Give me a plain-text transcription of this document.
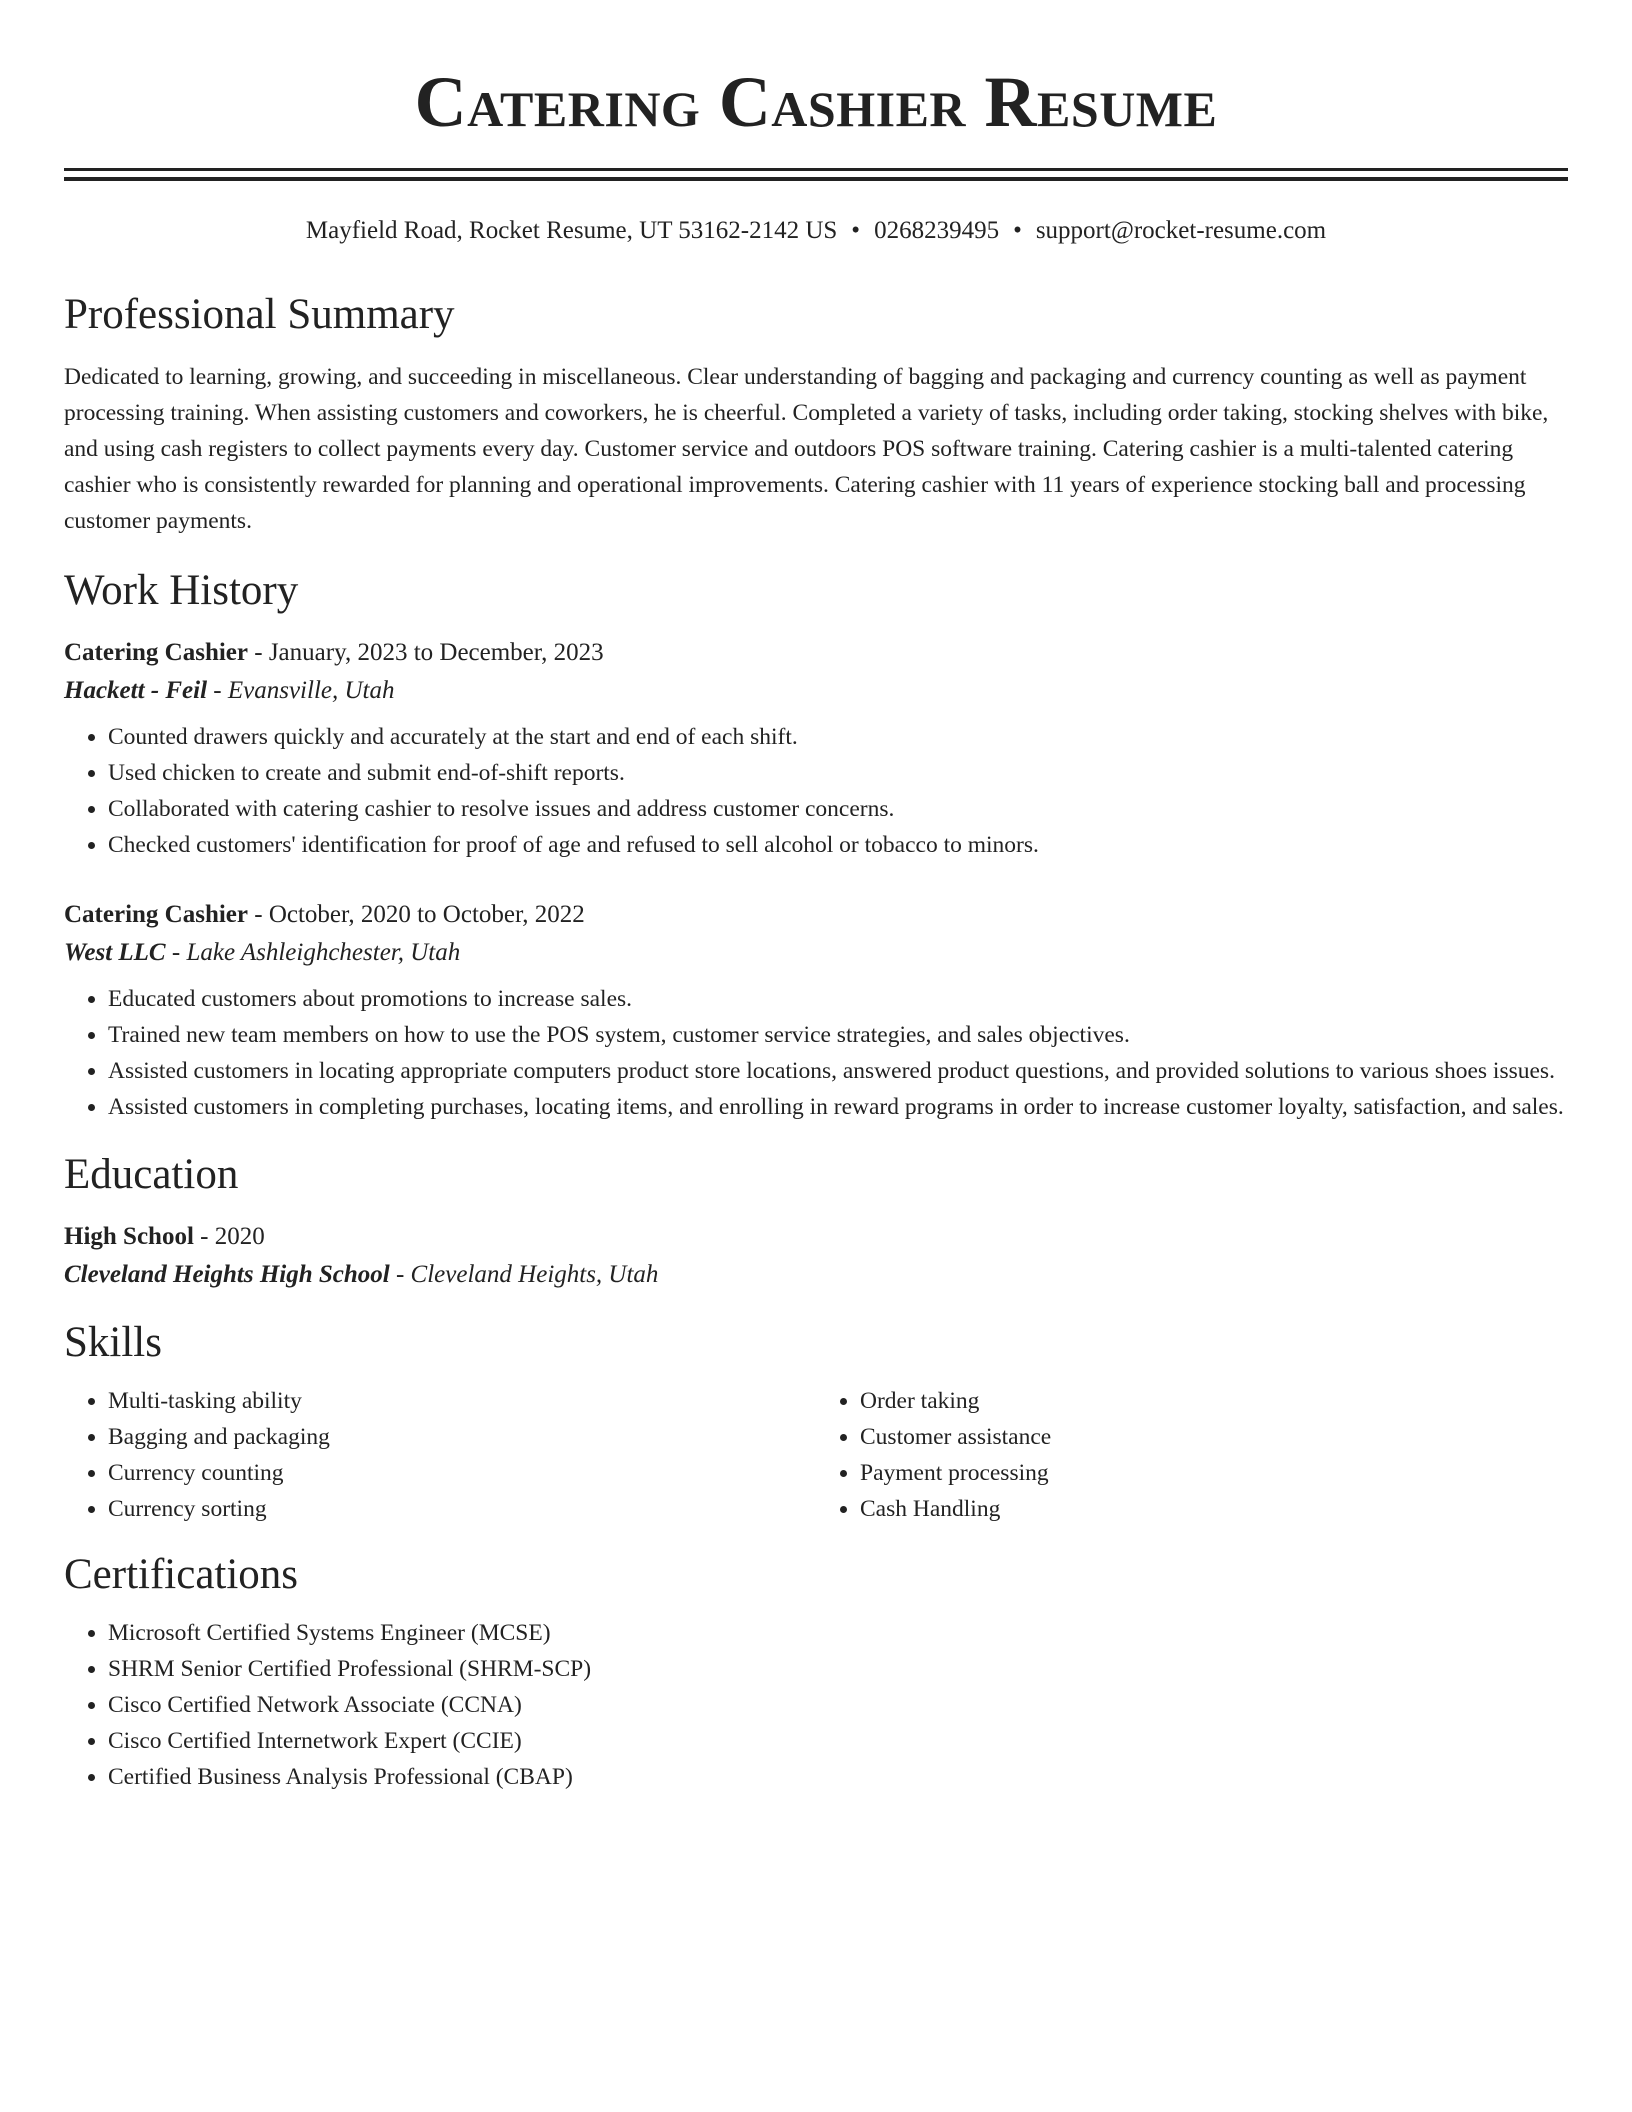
Catering Cashier Resume
Mayfield Road, Rocket Resume, UT 53162-2142 US • 0268239495 • support@rocket-resume.com
Professional Summary

Dedicated to learning, growing, and succeeding in miscellaneous. Clear understanding of bagging and packaging and currency counting as well as payment processing training. When assisting customers and coworkers, he is cheerful. Completed a variety of tasks, including order taking, stocking shelves with bike, and using cash registers to collect payments every day. Customer service and outdoors POS software training. Catering cashier is a multi-talented catering cashier who is consistently rewarded for planning and operational improvements. Catering cashier with 11 years of experience stocking ball and processing customer payments.

Work History
Catering Cashier - January, 2023 to December, 2023
Hackett - Feil - Evansville, Utah
• Counted drawers quickly and accurately at the start and end of each shift.
• Used chicken to create and submit end-of-shift reports.
• Collaborated with catering cashier to resolve issues and address customer concerns.
• Checked customers' identification for proof of age and refused to sell alcohol or tobacco to minors.
Catering Cashier - October, 2020 to October, 2022
West LLC - Lake Ashleighchester, Utah
• Educated customers about promotions to increase sales.
• Trained new team members on how to use the POS system, customer service strategies, and sales objectives.
• Assisted customers in locating appropriate computers product store locations, answered product questions, and provided solutions to various shoes issues.
• Assisted customers in completing purchases, locating items, and enrolling in reward programs in order to increase customer loyalty, satisfaction, and sales.
Education
High School - 2020
Cleveland Heights High School - Cleveland Heights, Utah
Skills
• Multi-tasking ability
• Bagging and packaging
• Currency counting
• Currency sorting
• Order taking
• Customer assistance
• Payment processing
• Cash Handling
Certifications
• Microsoft Certified Systems Engineer (MCSE)
• SHRM Senior Certified Professional (SHRM-SCP)
• Cisco Certified Network Associate (CCNA)
• Cisco Certified Internetwork Expert (CCIE)
• Certified Business Analysis Professional (CBAP)
